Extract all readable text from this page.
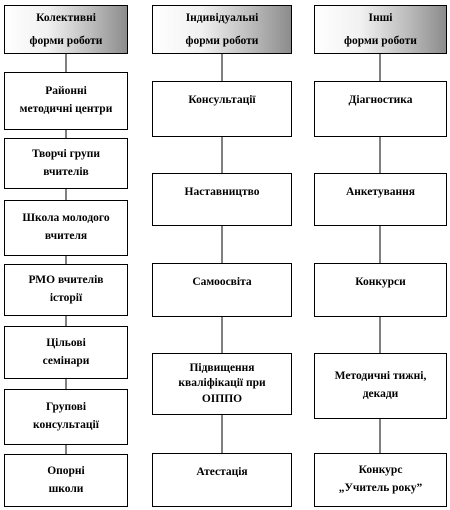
Колективні
форми роботи
Районні
методичні центри
Творчі групи
вчителів
Школа молодого
вчителя
РМО вчителів
історії
Цільові
семінари
Групові
консультації
Опорні
школи
Індивідуальні
форми роботи
Консультації
Наставництво
Самоосвіта
Підвищення
кваліфікації при
ОІППО
Атестація
Інші
форми роботи
Діагностика
Анкетування
Конкурси
Методичні тижні,
декади
Конкурс
„Учитель року”
